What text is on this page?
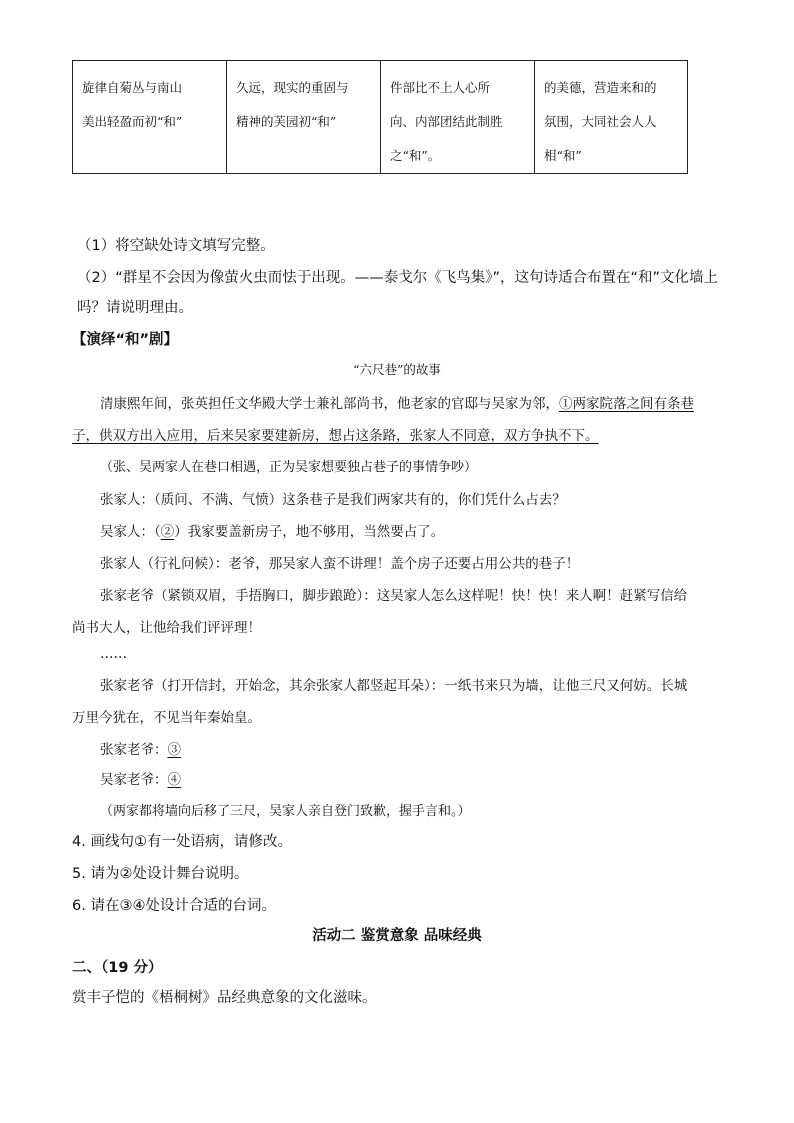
旋律自菊丛与南山
美出轻盈而初“和”

久远，现实的重固与
精神的芙园初“和”

件部比不上人心所
向、内部团结此制胜
之“和”。

的美德，营造来和的
氛围，大同社会人人
相“和”
（1）将空缺处诗文填写完整。
（2）“群星不会因为像萤火虫而怯于出现。——泰戈尔《飞鸟集》”，这句诗适合布置在“和”文化墙上
吗？请说明理由。
【演绎“和”剧】
“六尺巷”的故事
清康熙年间，张英担任文华殿大学士兼礼部尚书，他老家的官邸与吴家为邻，①两家院落之间有条巷
子，供双方出入应用，后来吴家要建新房，想占这条路，张家人不同意，双方争执不下。
（张、吴两家人在巷口相遇，正为吴家想要独占巷子的事情争吵）
张家人：（质问、不满、气愤）这条巷子是我们两家共有的，你们凭什么占去？
吴家人：（②）我家要盖新房子，地不够用，当然要占了。
张家人（行礼问候）：老爷，那吴家人蛮不讲理！盖个房子还要占用公共的巷子！
张家老爷（紧锁双眉，手捂胸口，脚步踉跄）：这吴家人怎么这样呢！快！快！来人啊！赶紧写信给
尚书大人，让他给我们评评理！
……
张家老爷（打开信封，开始念，其余张家人都竖起耳朵）：一纸书来只为墙，让他三尺又何妨。长城
万里今犹在，不见当年秦始皇。
张家老爷：③
吴家老爷：④
（两家都将墙向后移了三尺，吴家人亲自登门致歉，握手言和。）
4. 画线句①有一处语病，请修改。
5. 请为②处设计舞台说明。
6. 请在③④处设计合适的台词。
活动二 鉴赏意象 品味经典
二、（19 分）
赏丰子恺的《梧桐树》品经典意象的文化滋味。
